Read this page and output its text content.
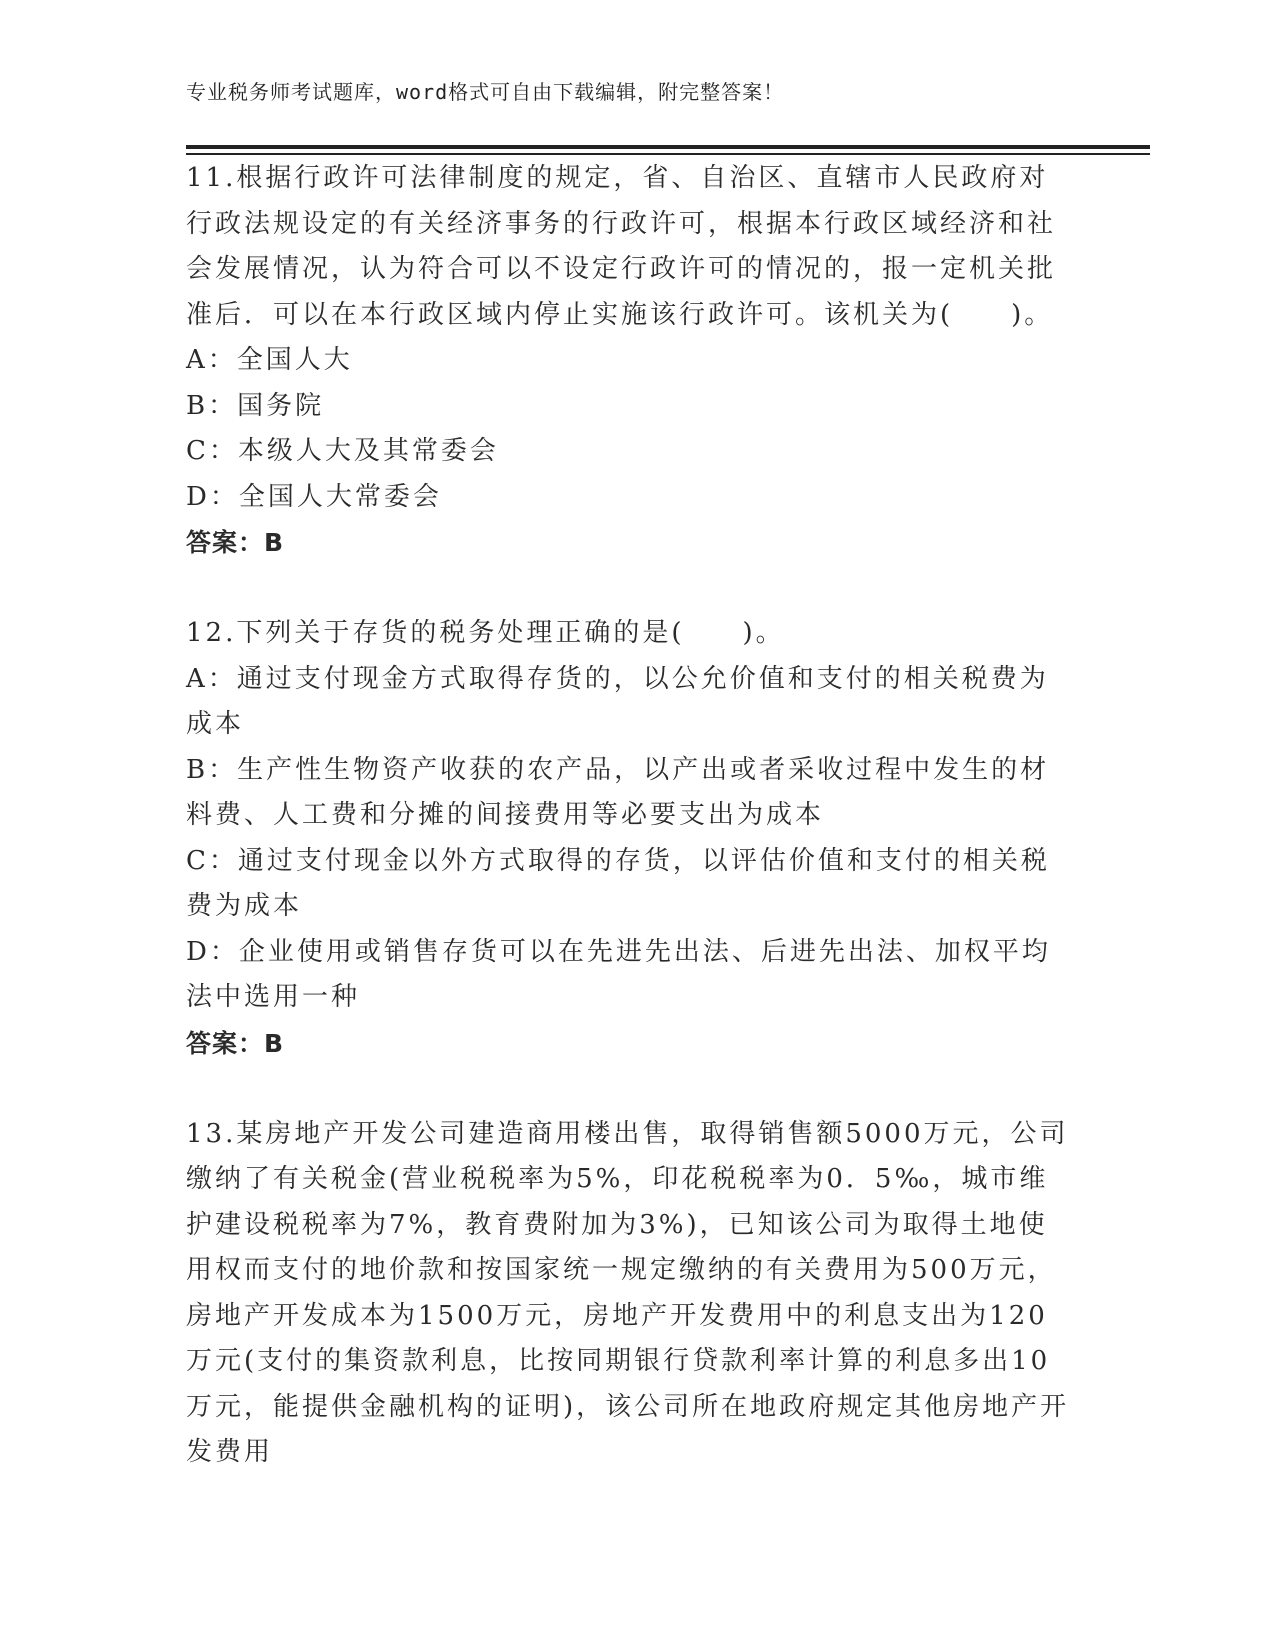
专业税务师考试题库，word格式可自由下载编辑，附完整答案！

11.根据行政许可法律制度的规定，省、自治区、直辖市人民政府对行政法规设定的有关经济事务的行政许可，根据本行政区域经济和社会发展情况，认为符合可以不设定行政许可的情况的，报一定机关批准后．可以在本行政区域内停止实施该行政许可。该机关为(　　)。

A：全国人大

B：国务院

C：本级人大及其常委会

D：全国人大常委会

答案：B

12.下列关于存货的税务处理正确的是(　　)。

A：通过支付现金方式取得存货的，以公允价值和支付的相关税费为成本

B：生产性生物资产收获的农产品，以产出或者采收过程中发生的材料费、人工费和分摊的间接费用等必要支出为成本

C：通过支付现金以外方式取得的存货，以评估价值和支付的相关税费为成本

D：企业使用或销售存货可以在先进先出法、后进先出法、加权平均法中选用一种

答案：B

13.某房地产开发公司建造商用楼出售，取得销售额5000万元，公司缴纳了有关税金(营业税税率为5%，印花税税率为0．5‰，城市维护建设税税率为7%，教育费附加为3%)，已知该公司为取得土地使用权而支付的地价款和按国家统一规定缴纳的有关费用为500万元，房地产开发成本为1500万元，房地产开发费用中的利息支出为120万元(支付的集资款利息，比按同期银行贷款利率计算的利息多出10万元，能提供金融机构的证明)，该公司所在地政府规定其他房地产开发费用
